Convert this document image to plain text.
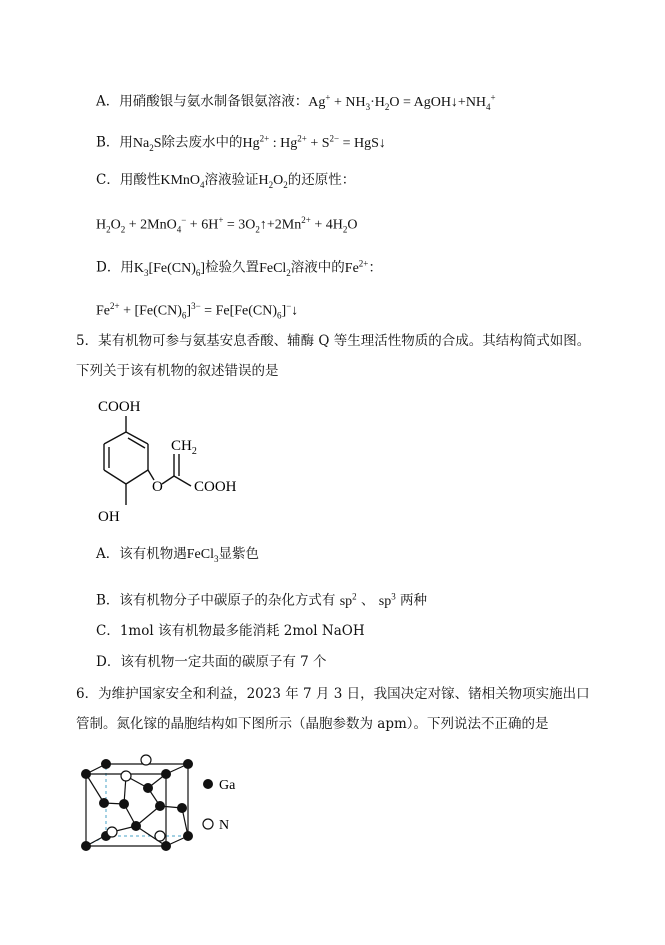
A．用硝酸银与氨水制备银氨溶液：$Ag^+ + NH_3\cdot H_2O$ = $AgOH↓+NH_4^+$
B．用$Na_2S$除去废水中的$Hg^{2+}$ : $Hg^{2+} + S^{2-}$ = HgS↓
C．用酸性KMnO$_4$溶液验证$H_2O_2$的还原性：
$H_2O_2 + 2MnO_4^- + 6H^+$ = $3O_2↑+2Mn^{2+} + 4H_2O$
D．用$K_3[Fe(CN)_6]$检验久置FeCl$_2$溶液中的$Fe^{2+}$：
$Fe^{2+} + [Fe(CN)_6]^{3-}$ = $Fe[Fe(CN)_6]^-↓$
5．某有机物可参与氨基安息香酸、辅酶 Q 等生理活性物质的合成。其结构简式如图。
下列关于该有机物的叙述错误的是
COOH
$CH_2$
O COOH
OH
A．该有机物遇FeCl$_3$显紫色
B．该有机物分子中碳原子的杂化方式有 $sp^2$ 、 $sp^3$ 两种
C．1mol 该有机物最多能消耗 2mol NaOH
D．该有机物一定共面的碳原子有 7 个
6．为维护国家安全和利益，2023 年 7 月 3 日，我国决定对镓、锗相关物项实施出口
管制。氮化镓的晶胞结构如下图所示（晶胞参数为 apm）。下列说法不正确的是
Ga
N
